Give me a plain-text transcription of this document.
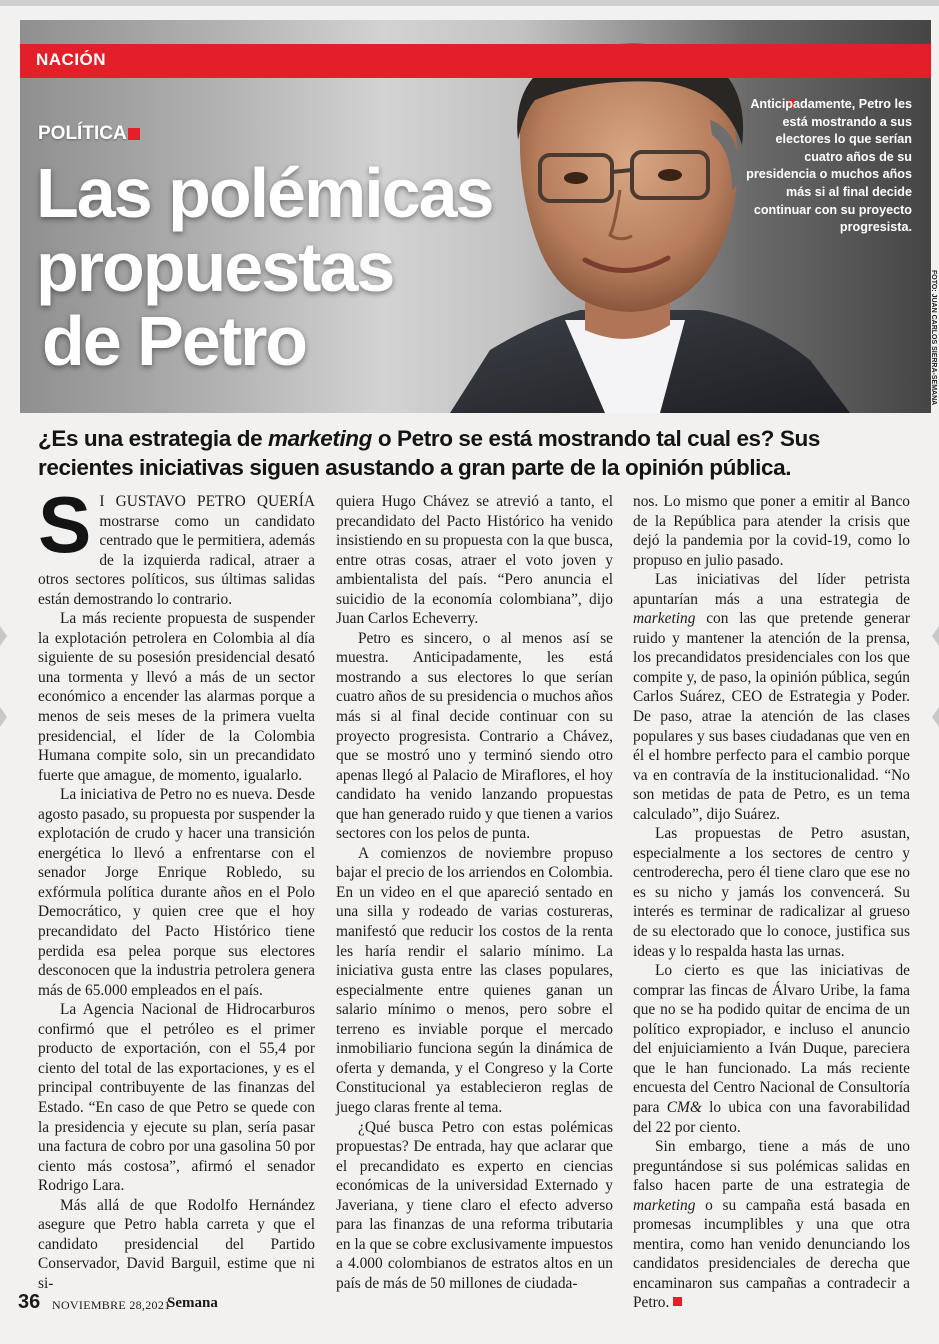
NACIÓN
POLÍTICA
Las polémicas
propuestas
de Petro

Anticipadamente, Petro les está mostrando a sus electores lo que serían cuatro años de su presidencia o muchos años más si al final decide continuar con su proyecto progresista.

FOTO: JUAN CARLOS SIERRA-SEMANA
¿Es una estrategia de marketing o Petro se está mostrando tal cual es? Sus recientes iniciativas siguen asustando a gran parte de la opinión pública.

S I GUSTAVO PETRO QUERÍA mostrarse como un candidato centrado que le permitiera, además de la izquierda radical, atraer a otros sectores políticos, sus últimas salidas están demostrando lo contrario.

La más reciente propuesta de suspender la explotación petrolera en Colombia al día siguiente de su posesión presidencial desató una tormenta y llevó a más de un sector económico a encender las alarmas porque a menos de seis meses de la primera vuelta presidencial, el líder de la Colombia Humana compite solo, sin un precandidato fuerte que amague, de momento, igualarlo.

La iniciativa de Petro no es nueva. Desde agosto pasado, su propuesta por suspender la explotación de crudo y hacer una transición energética lo llevó a enfrentarse con el senador Jorge Enrique Robledo, su exfórmula política durante años en el Polo Democrático, y quien cree que el hoy precandidato del Pacto Histórico tiene perdida esa pelea porque sus electores desconocen que la industria petrolera genera más de 65.000 empleados en el país.

La Agencia Nacional de Hidrocarburos confirmó que el petróleo es el primer producto de exportación, con el 55,4 por ciento del total de las exportaciones, y es el principal contribuyente de las finanzas del Estado. “En caso de que Petro se quede con la presidencia y ejecute su plan, sería pasar una factura de cobro por una gasolina 50 por ciento más costosa”, afirmó el senador Rodrigo Lara.

Más allá de que Rodolfo Hernández asegure que Petro habla carreta y que el candidato presidencial del Partido Conservador, David Barguil, estime que ni si-

quiera Hugo Chávez se atrevió a tanto, el precandidato del Pacto Histórico ha venido insistiendo en su propuesta con la que busca, entre otras cosas, atraer el voto joven y ambientalista del país. “Pero anuncia el suicidio de la economía colombiana”, dijo Juan Carlos Echeverry.

Petro es sincero, o al menos así se muestra. Anticipadamente, les está mostrando a sus electores lo que serían cuatro años de su presidencia o muchos años más si al final decide continuar con su proyecto progresista. Contrario a Chávez, que se mostró uno y terminó siendo otro apenas llegó al Palacio de Miraflores, el hoy candidato ha venido lanzando propuestas que han generado ruido y que tienen a varios sectores con los pelos de punta.

A comienzos de noviembre propuso bajar el precio de los arriendos en Colombia. En un video en el que apareció sentado en una silla y rodeado de varias costureras, manifestó que reducir los costos de la renta les haría rendir el salario mínimo. La iniciativa gusta entre las clases populares, especialmente entre quienes ganan un salario mínimo o menos, pero sobre el terreno es inviable porque el mercado inmobiliario funciona según la dinámica de oferta y demanda, y el Congreso y la Corte Constitucional ya establecieron reglas de juego claras frente al tema.

¿Qué busca Petro con estas polémicas propuestas? De entrada, hay que aclarar que el precandidato es experto en ciencias económicas de la universidad Externado y Javeriana, y tiene claro el efecto adverso para las finanzas de una reforma tributaria en la que se cobre exclusivamente impuestos a 4.000 colombianos de estratos altos en un país de más de 50 millones de ciudada-

nos. Lo mismo que poner a emitir al Banco de la República para atender la crisis que dejó la pandemia por la covid-19, como lo propuso en julio pasado.

Las iniciativas del líder petrista apuntarían más a una estrategia de marketing con las que pretende generar ruido y mantener la atención de la prensa, los precandidatos presidenciales con los que compite y, de paso, la opinión pública, según Carlos Suárez, CEO de Estrategia y Poder. De paso, atrae la atención de las clases populares y sus bases ciudadanas que ven en él el hombre perfecto para el cambio porque va en contravía de la institucionalidad. “No son metidas de pata de Petro, es un tema calculado”, dijo Suárez.

Las propuestas de Petro asustan, especialmente a los sectores de centro y centroderecha, pero él tiene claro que ese no es su nicho y jamás los convencerá. Su interés es terminar de radicalizar al grueso de su electorado que lo conoce, justifica sus ideas y lo respalda hasta las urnas.

Lo cierto es que las iniciativas de comprar las fincas de Álvaro Uribe, la fama que no se ha podido quitar de encima de un político expropiador, e incluso el anuncio del enjuiciamiento a Iván Duque, pareciera que le han funcionado. La más reciente encuesta del Centro Nacional de Consultoría para CM& lo ubica con una favorabilidad del 22 por ciento.

Sin embargo, tiene a más de uno preguntándose si sus polémicas salidas en falso hacen parte de una estrategia de marketing o su campaña está basada en promesas incumplibles y una que otra mentira, como han venido denunciando los candidatos presidenciales de derecha que encaminaron sus campañas a contradecir a Petro.

36 NOVIEMBRE 28,2021
Semana
